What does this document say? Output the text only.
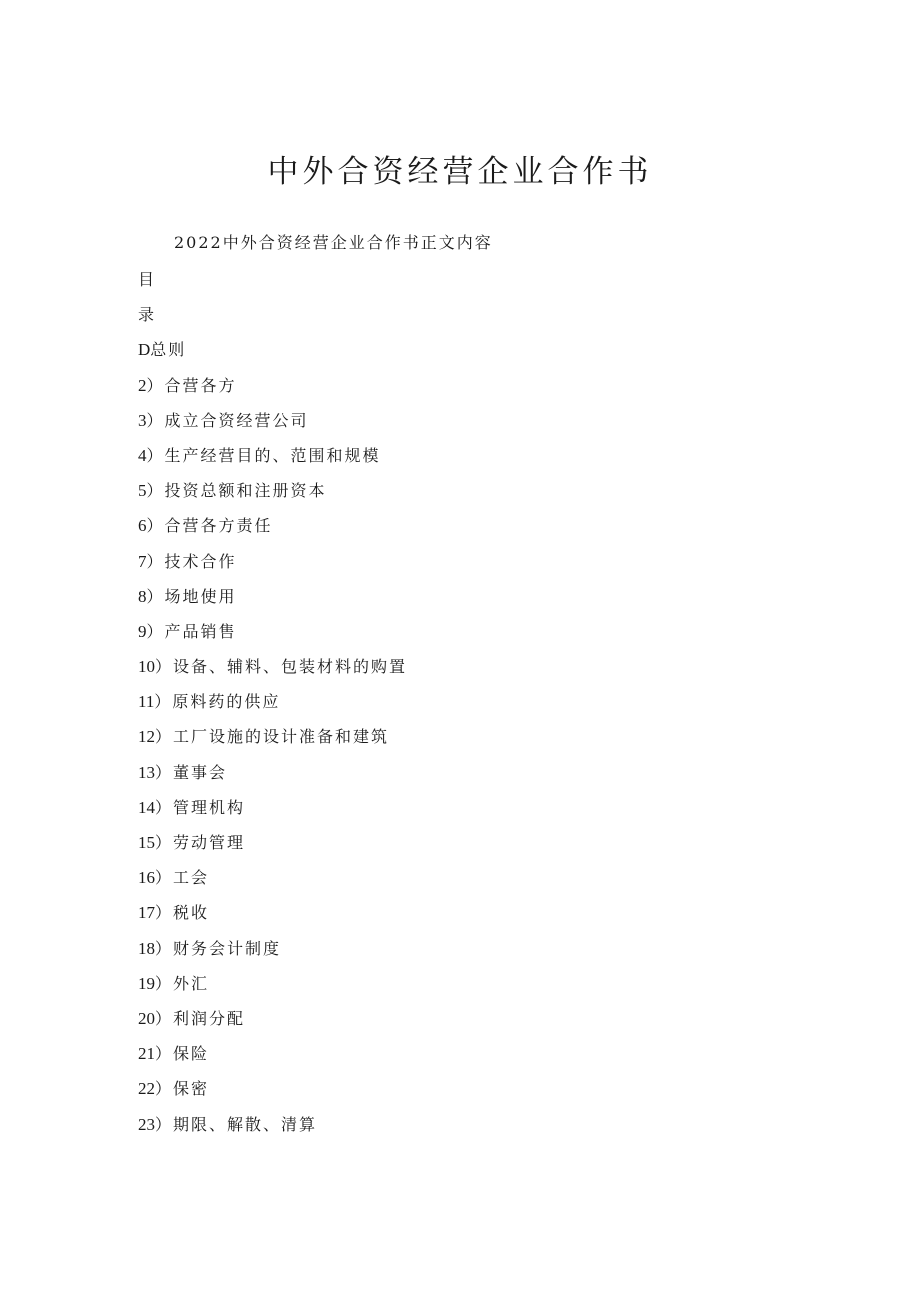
中外合资经营企业合作书

2022中外合资经营企业合作书正文内容

目
录
D总则
2）合营各方
3）成立合资经营公司
4）生产经营目的、范围和规模
5）投资总额和注册资本
6）合营各方责任
7）技术合作
8）场地使用
9）产品销售
10）设备、辅料、包装材料的购置
11）原料药的供应
12）工厂设施的设计准备和建筑
13）董事会
14）管理机构
15）劳动管理
16）工会
17）税收
18）财务会计制度
19）外汇
20）利润分配
21）保险
22）保密
23）期限、解散、清算
